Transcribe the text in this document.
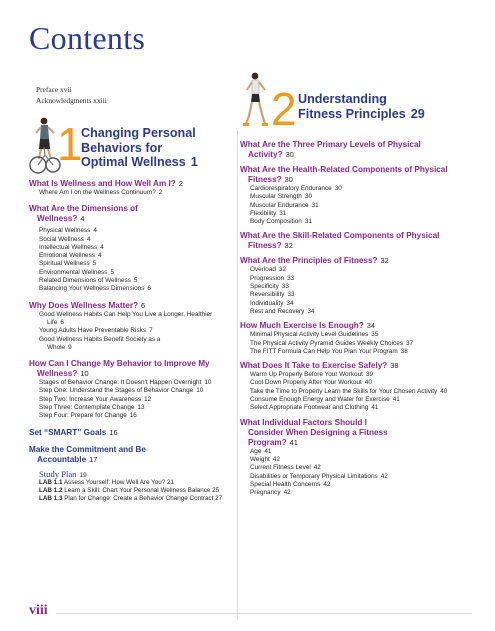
Contents
Preface xvii
Acknowledgments xxiii
1
Changing Personal
Behaviors for
Optimal Wellness 1
What Is Wellness and How Well Am I? 2
Where Am I on the Wellness Continuum? 2
What Are the Dimensions of Wellness? 4
Physical Wellness 4
Social Wellness 4
Intellectual Wellness 4
Emotional Wellness 4
Spiritual Wellness 5
Environmental Wellness 5
Related Dimensions of Wellness 5
Balancing Your Wellness Dimensions 6
Why Does Wellness Matter? 6
Good Wellness Habits Can Help You Live a Longer, Healthier Life 6
Young Adults Have Preventable Risks 7
Good Wellness Habits Benefit Society as a Whole 9
How Can I Change My Behavior to Improve My Wellness? 10
Stages of Behavior Change: It Doesn’t Happen Overnight 10
Step One: Understand the Stages of Behavior Change 10
Step Two: Increase Your Awareness 12
Step Three: Contemplate Change 13
Step Four: Prepare for Change 16
Set “SMART” Goals 16
Make the Commitment and Be Accountable 17
Study Plan 19
LAB 1.1 Assess Yourself: How Well Are You? 21
LAB 1.2 Learn a Skill: Chart Your Personal Wellness Balance 25
LAB 1.3 Plan for Change: Create a Behavior Change Contract 27
2 Understanding
Fitness Principles 29
What Are the Three Primary Levels of Physical Activity? 30
What Are the Health-Related Components of Physical Fitness? 30
Cardiorespiratory Endurance 30
Muscular Strength 30
Muscular Endurance 31
Flexibility 31
Body Composition 31
What Are the Skill-Related Components of Physical Fitness? 32
What Are the Principles of Fitness? 32
Overload 32
Progression 33
Specificity 33
Reversibility 33
Individuality 34
Rest and Recovery 34
How Much Exercise Is Enough? 34
Minimal Physical Activity Level Guidelines 35
The Physical Activity Pyramid Guides Weekly Choices 37
The FITT Formula Can Help You Plan Your Program 38
What Does It Take to Exercise Safely? 38
Warm Up Properly Before Your Workout 39
Cool Down Properly After Your Workout 40
Take the Time to Properly Learn the Skills for Your Chosen Activity 40
Consume Enough Energy and Water for Exercise 41
Select Appropriate Footwear and Clothing 41
What Individual Factors Should I Consider When Designing a Fitness Program? 41
Age 41
Weight 42
Current Fitness Level 42
Disabilities or Temporary Physical Limitations 42
Special Health Concerns 42
Pregnancy 42
viii
